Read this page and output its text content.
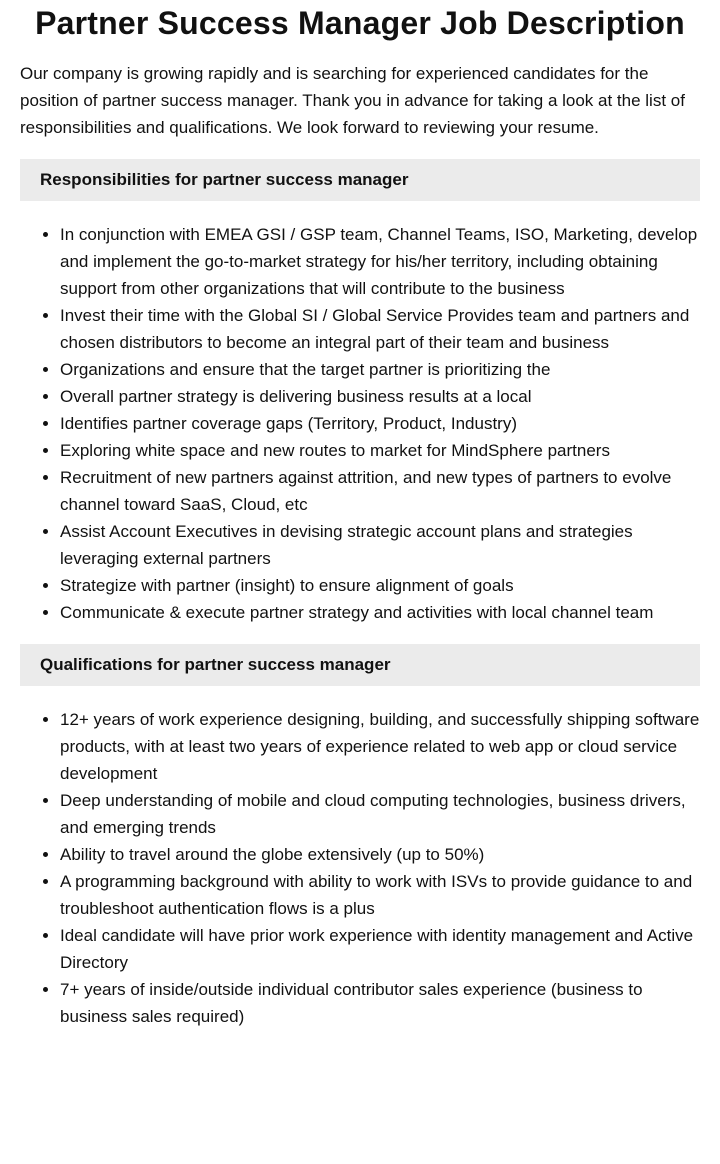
Partner Success Manager Job Description

Our company is growing rapidly and is searching for experienced candidates for the position of partner success manager. Thank you in advance for taking a look at the list of responsibilities and qualifications. We look forward to reviewing your resume.

Responsibilities for partner success manager
• In conjunction with EMEA GSI / GSP team, Channel Teams, ISO, Marketing, develop and implement the go-to-market strategy for his/her territory, including obtaining support from other organizations that will contribute to the business
• Invest their time with the Global SI / Global Service Provides team and partners and chosen distributors to become an integral part of their team and business
• Organizations and ensure that the target partner is prioritizing the
• Overall partner strategy is delivering business results at a local
• Identifies partner coverage gaps (Territory, Product, Industry)
• Exploring white space and new routes to market for MindSphere partners
• Recruitment of new partners against attrition, and new types of partners to evolve channel toward SaaS, Cloud, etc
• Assist Account Executives in devising strategic account plans and strategies leveraging external partners
• Strategize with partner (insight) to ensure alignment of goals
• Communicate & execute partner strategy and activities with local channel team
Qualifications for partner success manager
• 12+ years of work experience designing, building, and successfully shipping software products, with at least two years of experience related to web app or cloud service development
• Deep understanding of mobile and cloud computing technologies, business drivers, and emerging trends
• Ability to travel around the globe extensively (up to 50%)
• A programming background with ability to work with ISVs to provide guidance to and troubleshoot authentication flows is a plus
• Ideal candidate will have prior work experience with identity management and Active Directory
• 7+ years of inside/outside individual contributor sales experience (business to business sales required)
